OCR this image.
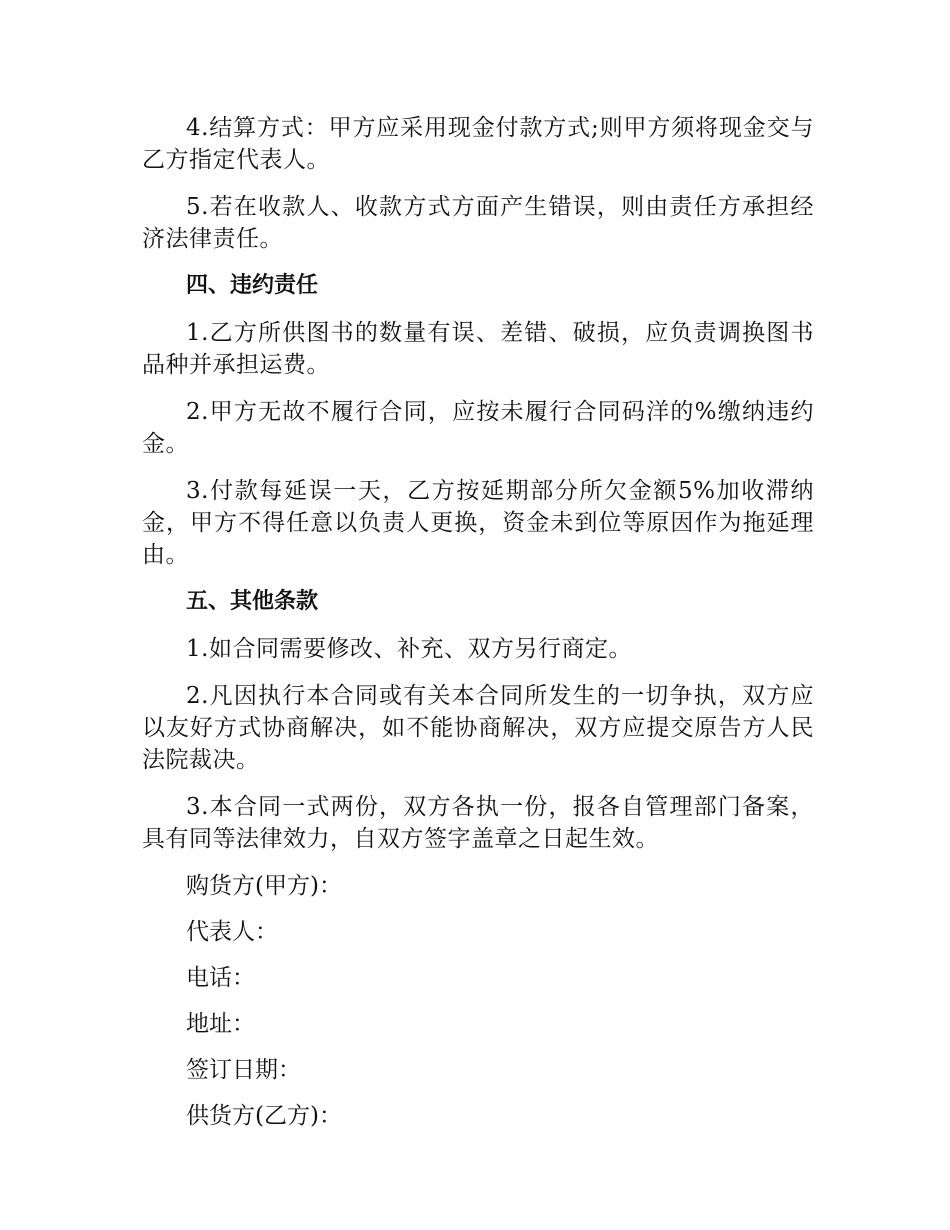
4.结算方式：甲方应采用现金付款方式;则甲方须将现金交与乙方指定代表人。

5.若在收款人、收款方式方面产生错误，则由责任方承担经济法律责任。

四、违约责任

1.乙方所供图书的数量有误、差错、破损，应负责调换图书品种并承担运费。

2.甲方无故不履行合同，应按未履行合同码洋的%缴纳违约金。

3.付款每延误一天，乙方按延期部分所欠金额5%加收滞纳金，甲方不得任意以负责人更换，资金未到位等原因作为拖延理由。

五、其他条款

1.如合同需要修改、补充、双方另行商定。

2.凡因执行本合同或有关本合同所发生的一切争执，双方应以友好方式协商解决，如不能协商解决，双方应提交原告方人民法院裁决。

3.本合同一式两份，双方各执一份，报各自管理部门备案，具有同等法律效力，自双方签字盖章之日起生效。

购货方(甲方)：

代表人：

电话：

地址：

签订日期：

供货方(乙方)：
